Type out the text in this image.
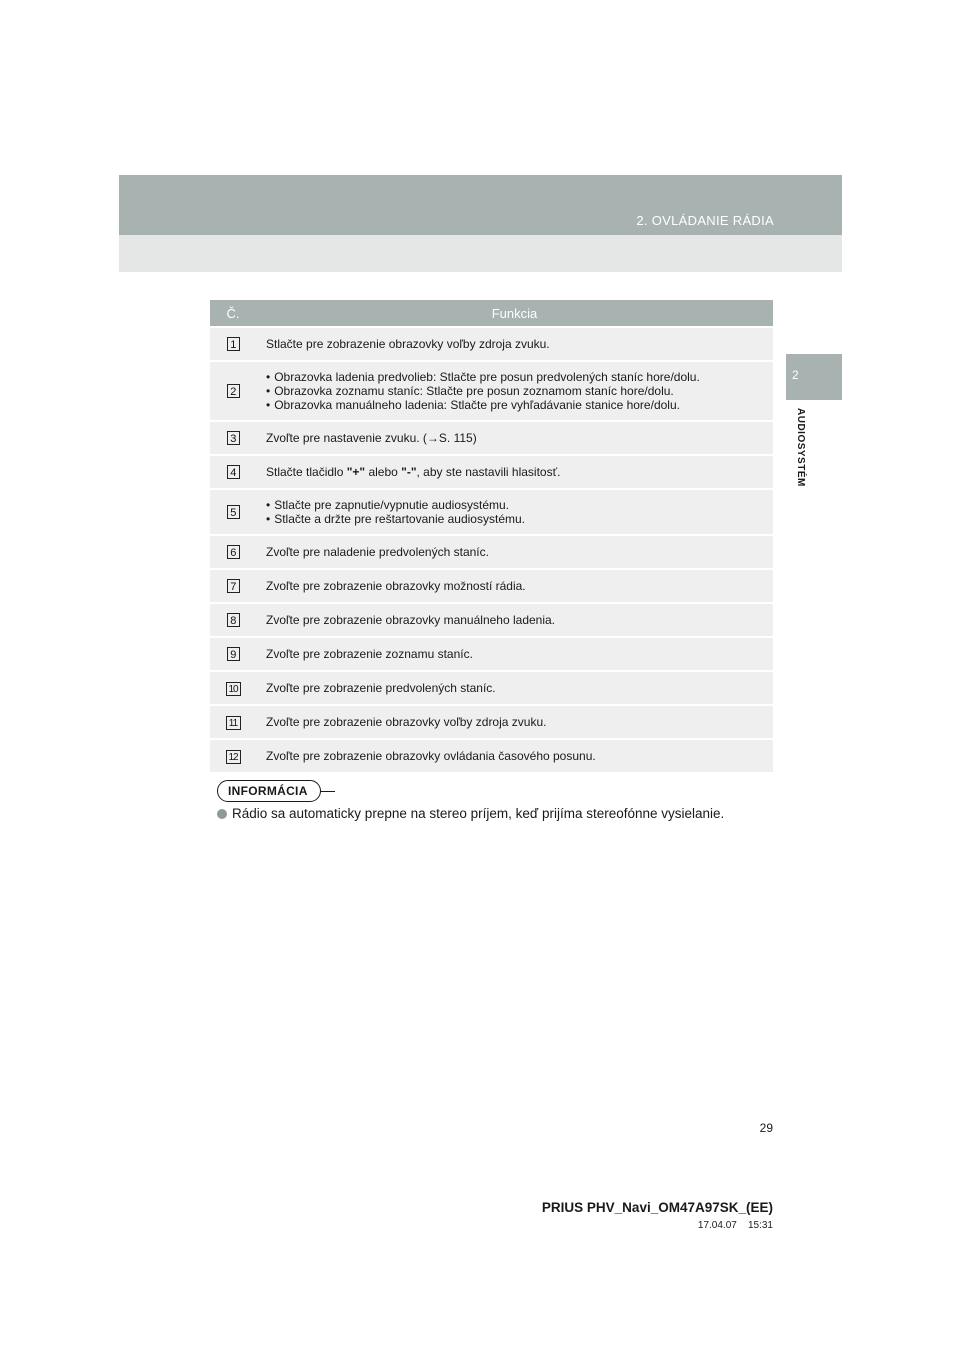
2. OVLÁDANIE RÁDIA
2
AUDIOSYSTÉM
Č.	Funkcia
1	Stlačte pre zobrazenie obrazovky voľby zdroja zvuku.
2	• Obrazovka ladenia predvolieb: Stlačte pre posun predvolených staníc hore/dolu.
• Obrazovka zoznamu staníc: Stlačte pre posun zoznamom staníc hore/dolu.
• Obrazovka manuálneho ladenia: Stlačte pre vyhľadávanie stanice hore/dolu.

3	Zvoľte pre nastavenie zvuku. (→S. 115)
4	Stlačte tlačidlo "+" alebo "-", aby ste nastavili hlasitosť.
5	• Stlačte pre zapnutie/vypnutie audiosystému.
• Stlačte a držte pre reštartovanie audiosystému.

6	Zvoľte pre naladenie predvolených staníc.
7	Zvoľte pre zobrazenie obrazovky možností rádia.
8	Zvoľte pre zobrazenie obrazovky manuálneho ladenia.
9	Zvoľte pre zobrazenie zoznamu staníc.
10	Zvoľte pre zobrazenie predvolených staníc.
11	Zvoľte pre zobrazenie obrazovky voľby zdroja zvuku.
12	Zvoľte pre zobrazenie obrazovky ovládania časového posunu.
INFORMÁCIA
Rádio sa automaticky prepne na stereo príjem, keď prijíma stereofónne vysielanie.
29
PRIUS PHV_Navi_OM47A97SK_(EE)
17.04.07 15:31
